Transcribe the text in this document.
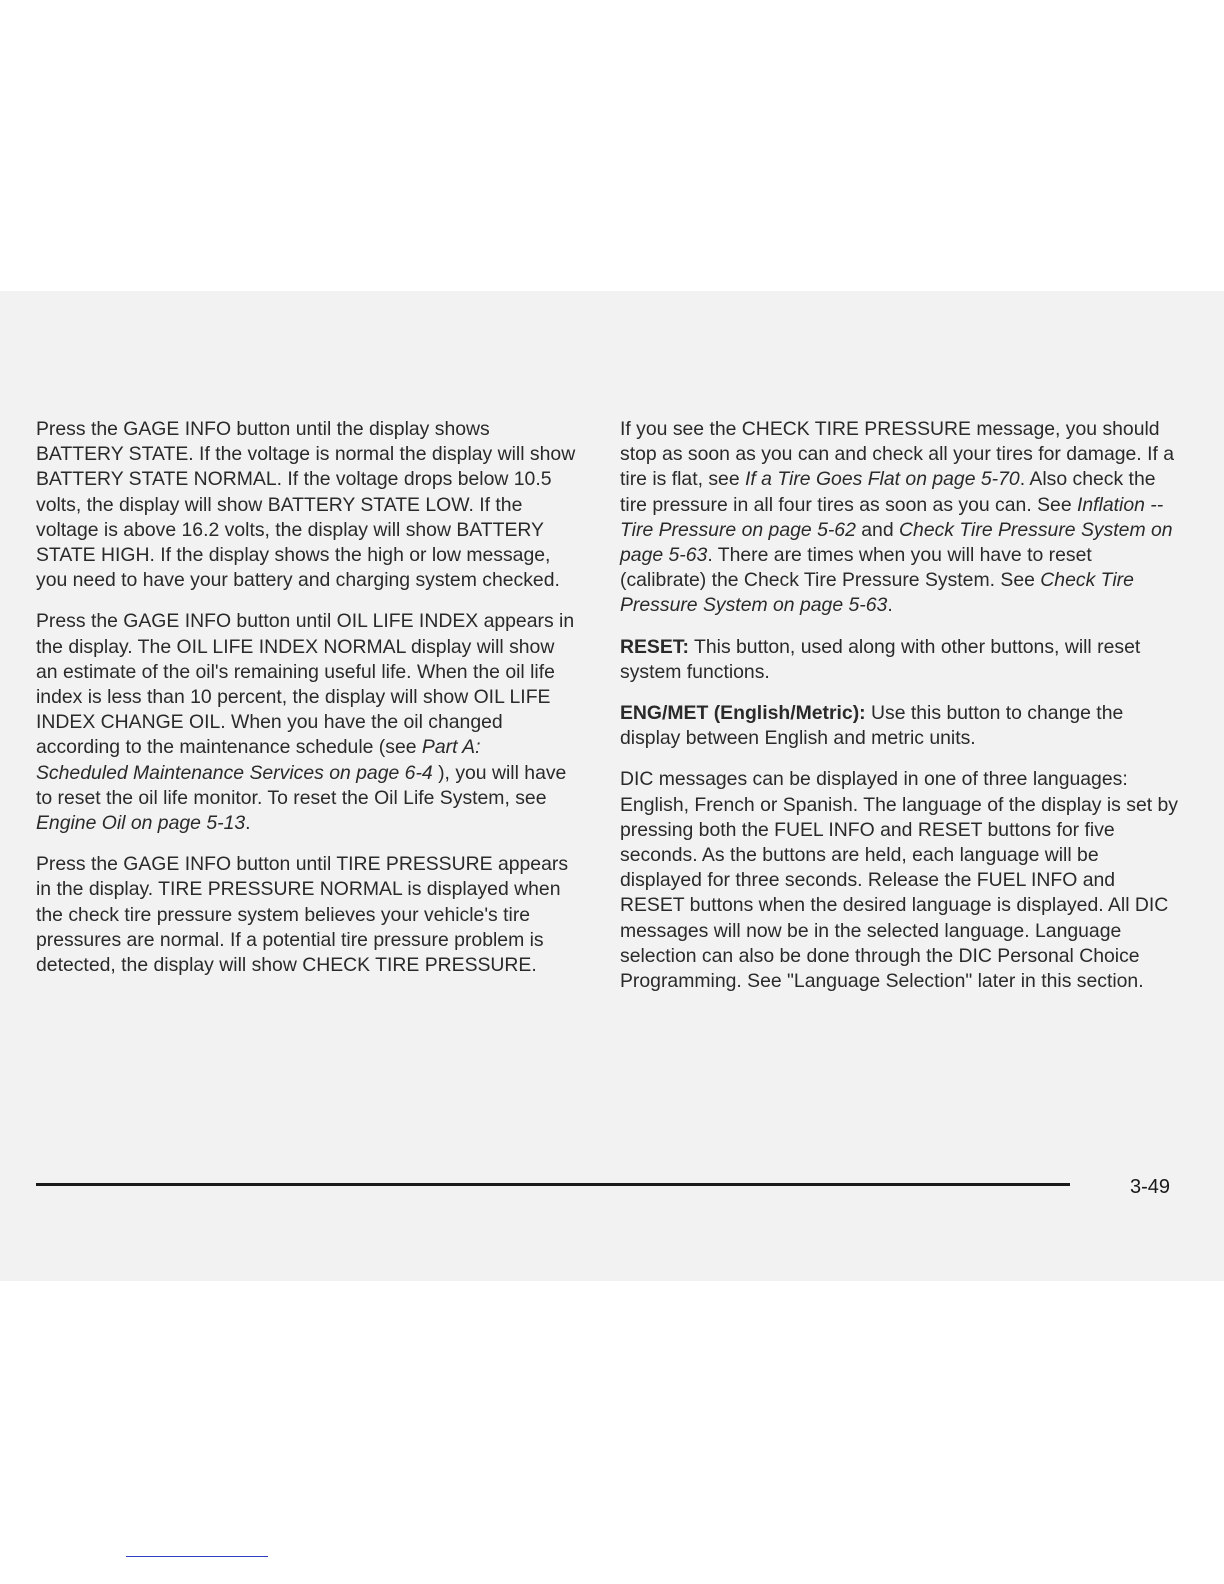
Press the GAGE INFO button until the display shows BATTERY STATE. If the voltage is normal the display will show BATTERY STATE NORMAL. If the voltage drops below 10.5 volts, the display will show BATTERY STATE LOW. If the voltage is above 16.2 volts, the display will show BATTERY STATE HIGH. If the display shows the high or low message, you need to have your battery and charging system checked.

Press the GAGE INFO button until OIL LIFE INDEX appears in the display. The OIL LIFE INDEX NORMAL display will show an estimate of the oil's remaining useful life. When the oil life index is less than 10 percent, the display will show OIL LIFE INDEX CHANGE OIL. When you have the oil changed according to the maintenance schedule (see Part A: Scheduled Maintenance Services on page 6-4 ), you will have to reset the oil life monitor. To reset the Oil Life System, see Engine Oil on page 5-13.

Press the GAGE INFO button until TIRE PRESSURE appears in the display. TIRE PRESSURE NORMAL is displayed when the check tire pressure system believes your vehicle's tire pressures are normal. If a potential tire pressure problem is detected, the display will show CHECK TIRE PRESSURE.

If you see the CHECK TIRE PRESSURE message, you should stop as soon as you can and check all your tires for damage. If a tire is flat, see If a Tire Goes Flat on page 5-70. Also check the tire pressure in all four tires as soon as you can. See Inflation -- Tire Pressure on page 5-62 and Check Tire Pressure System on page 5-63. There are times when you will have to reset (calibrate) the Check Tire Pressure System. See Check Tire Pressure System on page 5-63.

RESET: This button, used along with other buttons, will reset system functions.

ENG/MET (English/Metric): Use this button to change the display between English and metric units.

DIC messages can be displayed in one of three languages: English, French or Spanish. The language of the display is set by pressing both the FUEL INFO and RESET buttons for five seconds. As the buttons are held, each language will be displayed for three seconds. Release the FUEL INFO and RESET buttons when the desired language is displayed. All DIC messages will now be in the selected language. Language selection can also be done through the DIC Personal Choice Programming. See "Language Selection" later in this section.

3-49
